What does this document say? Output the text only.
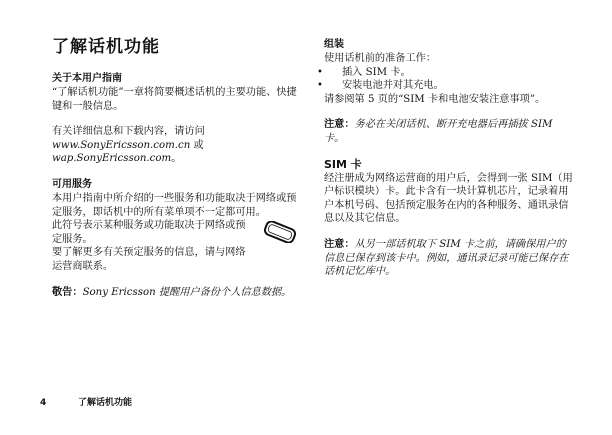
了解话机功能
关于本用户指南

“了解话机功能”一章将简要概述话机的主要功能、快捷键和一般信息。

有关详细信息和下载内容，请访问
www.SonyEricsson.com.cn 或
wap.SonyEricsson.com。

可用服务

本用户指南中所介绍的一些服务和功能取决于网络或预定服务，即话机中的所有菜单项不一定都可用。

此符号表示某种服务或功能取决于网络或预定服务。

要了解更多有关预定服务的信息，请与网络运营商联系。

敬告：Sony Ericsson 提醒用户备份个人信息数据。

组装

使用话机前的准备工作：

• 插入 SIM 卡。
• 安装电池并对其充电。

请参阅第 5 页的“SIM 卡和电池安装注意事项”。

注意：务必在关闭话机、断开充电器后再插拔 SIM 卡。

SIM 卡

经注册成为网络运营商的用户后，会得到一张 SIM（用户标识模块）卡。此卡含有一块计算机芯片，记录着用户本机号码、包括预定服务在内的各种服务、通讯录信息以及其它信息。

注意：从另一部话机取下 SIM 卡之前，请确保用户的信息已保存到该卡中。例如，通讯录记录可能已保存在话机记忆库中。

4	了解话机功能
